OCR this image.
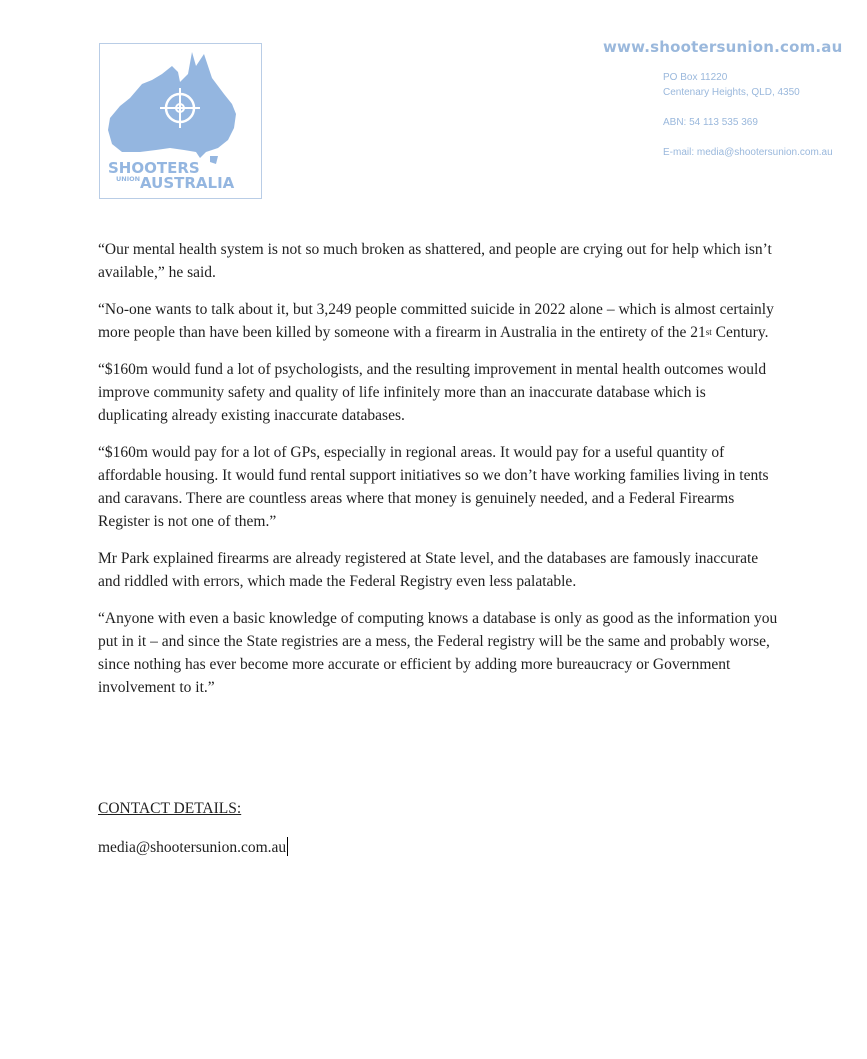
SHOOTERS
UNION AUSTRALIA
www.shootersunion.com.au
PO Box 11220
Centenary Heights, QLD, 4350
ABN: 54 113 535 369
E-mail: media@shootersunion.com.au

“Our mental health system is not so much broken as shattered, and people are crying out for help which isn’t available,” he said.

“No-one wants to talk about it, but 3,249 people committed suicide in 2022 alone – which is almost certainly more people than have been killed by someone with a firearm in Australia in the entirety of the 21st Century.

“$160m would fund a lot of psychologists, and the resulting improvement in mental health outcomes would improve community safety and quality of life infinitely more than an inaccurate database which is duplicating already existing inaccurate databases.

“$160m would pay for a lot of GPs, especially in regional areas. It would pay for a useful quantity of affordable housing. It would fund rental support initiatives so we don’t have working families living in tents and caravans. There are countless areas where that money is genuinely needed, and a Federal Firearms Register is not one of them.”

Mr Park explained firearms are already registered at State level, and the databases are famously inaccurate and riddled with errors, which made the Federal Registry even less palatable.

“Anyone with even a basic knowledge of computing knows a database is only as good as the information you put in it – and since the State registries are a mess, the Federal registry will be the same and probably worse, since nothing has ever become more accurate or efficient by adding more bureaucracy or Government involvement to it.”

CONTACT DETAILS:
media@shootersunion.com.au
